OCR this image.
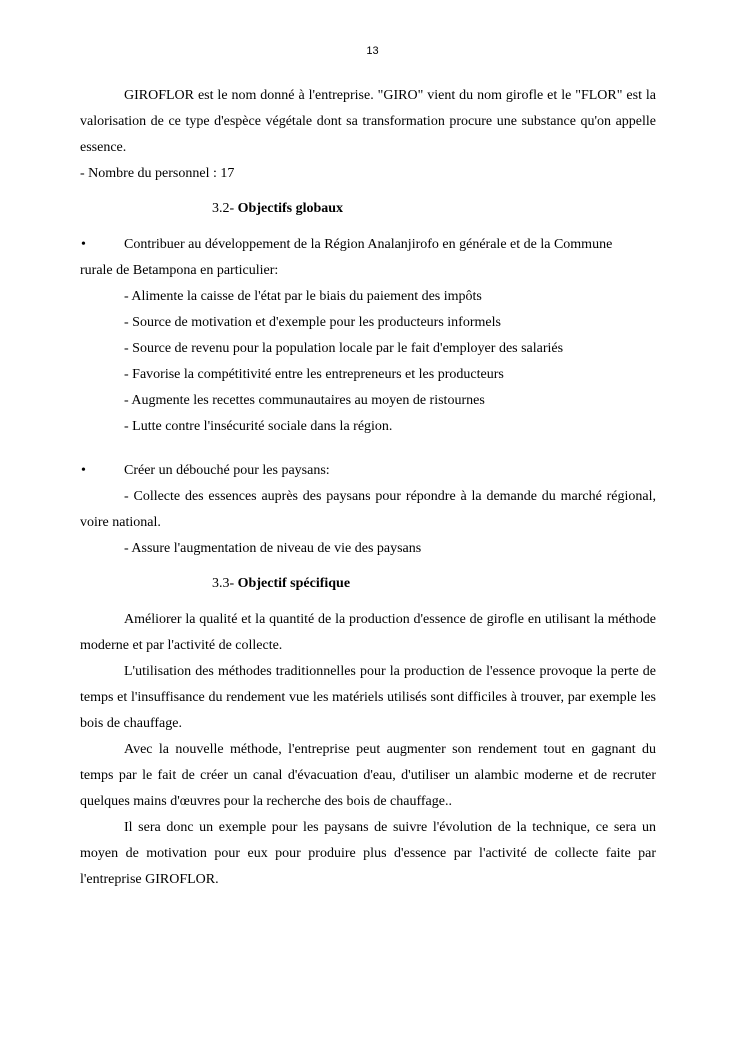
13

GIROFLOR est le nom donné à l'entreprise. "GIRO" vient du nom girofle et le "FLOR" est la valorisation de ce type d'espèce végétale dont sa transformation procure une substance qu'on appelle essence.

- Nombre du personnel : 17

3.2- Objectifs globaux

•	Contribuer au développement de la Région Analanjirofo en générale et de la Commune

rurale de Betampona en particulier:

- Alimente la caisse de l'état par le biais du paiement des impôts

- Source de motivation et d'exemple pour les producteurs informels

- Source de revenu pour la population locale par le fait d'employer des salariés

- Favorise la compétitivité entre les entrepreneurs et les producteurs

- Augmente les recettes communautaires au moyen de ristournes

- Lutte contre l'insécurité sociale dans la région.

•	Créer un débouché pour les paysans:

- Collecte des essences auprès des paysans pour répondre à la demande du marché régional, voire national.

- Assure l'augmentation de niveau de vie des paysans

3.3- Objectif spécifique

Améliorer la qualité et la quantité de la production d'essence de girofle en utilisant la méthode moderne et par l'activité de collecte.

L'utilisation des méthodes traditionnelles pour la production de l'essence provoque la perte de temps et l'insuffisance du rendement vue les matériels utilisés sont difficiles à trouver, par exemple les bois de chauffage.

Avec la nouvelle méthode, l'entreprise peut augmenter son rendement tout en gagnant du temps par le fait de créer un canal d'évacuation d'eau, d'utiliser un alambic moderne et de recruter quelques mains d'œuvres pour la recherche des bois de chauffage..

Il sera donc un exemple pour les paysans de suivre l'évolution de la technique, ce sera un moyen de motivation pour eux pour produire plus d'essence par l'activité de collecte faite par l'entreprise GIROFLOR.
